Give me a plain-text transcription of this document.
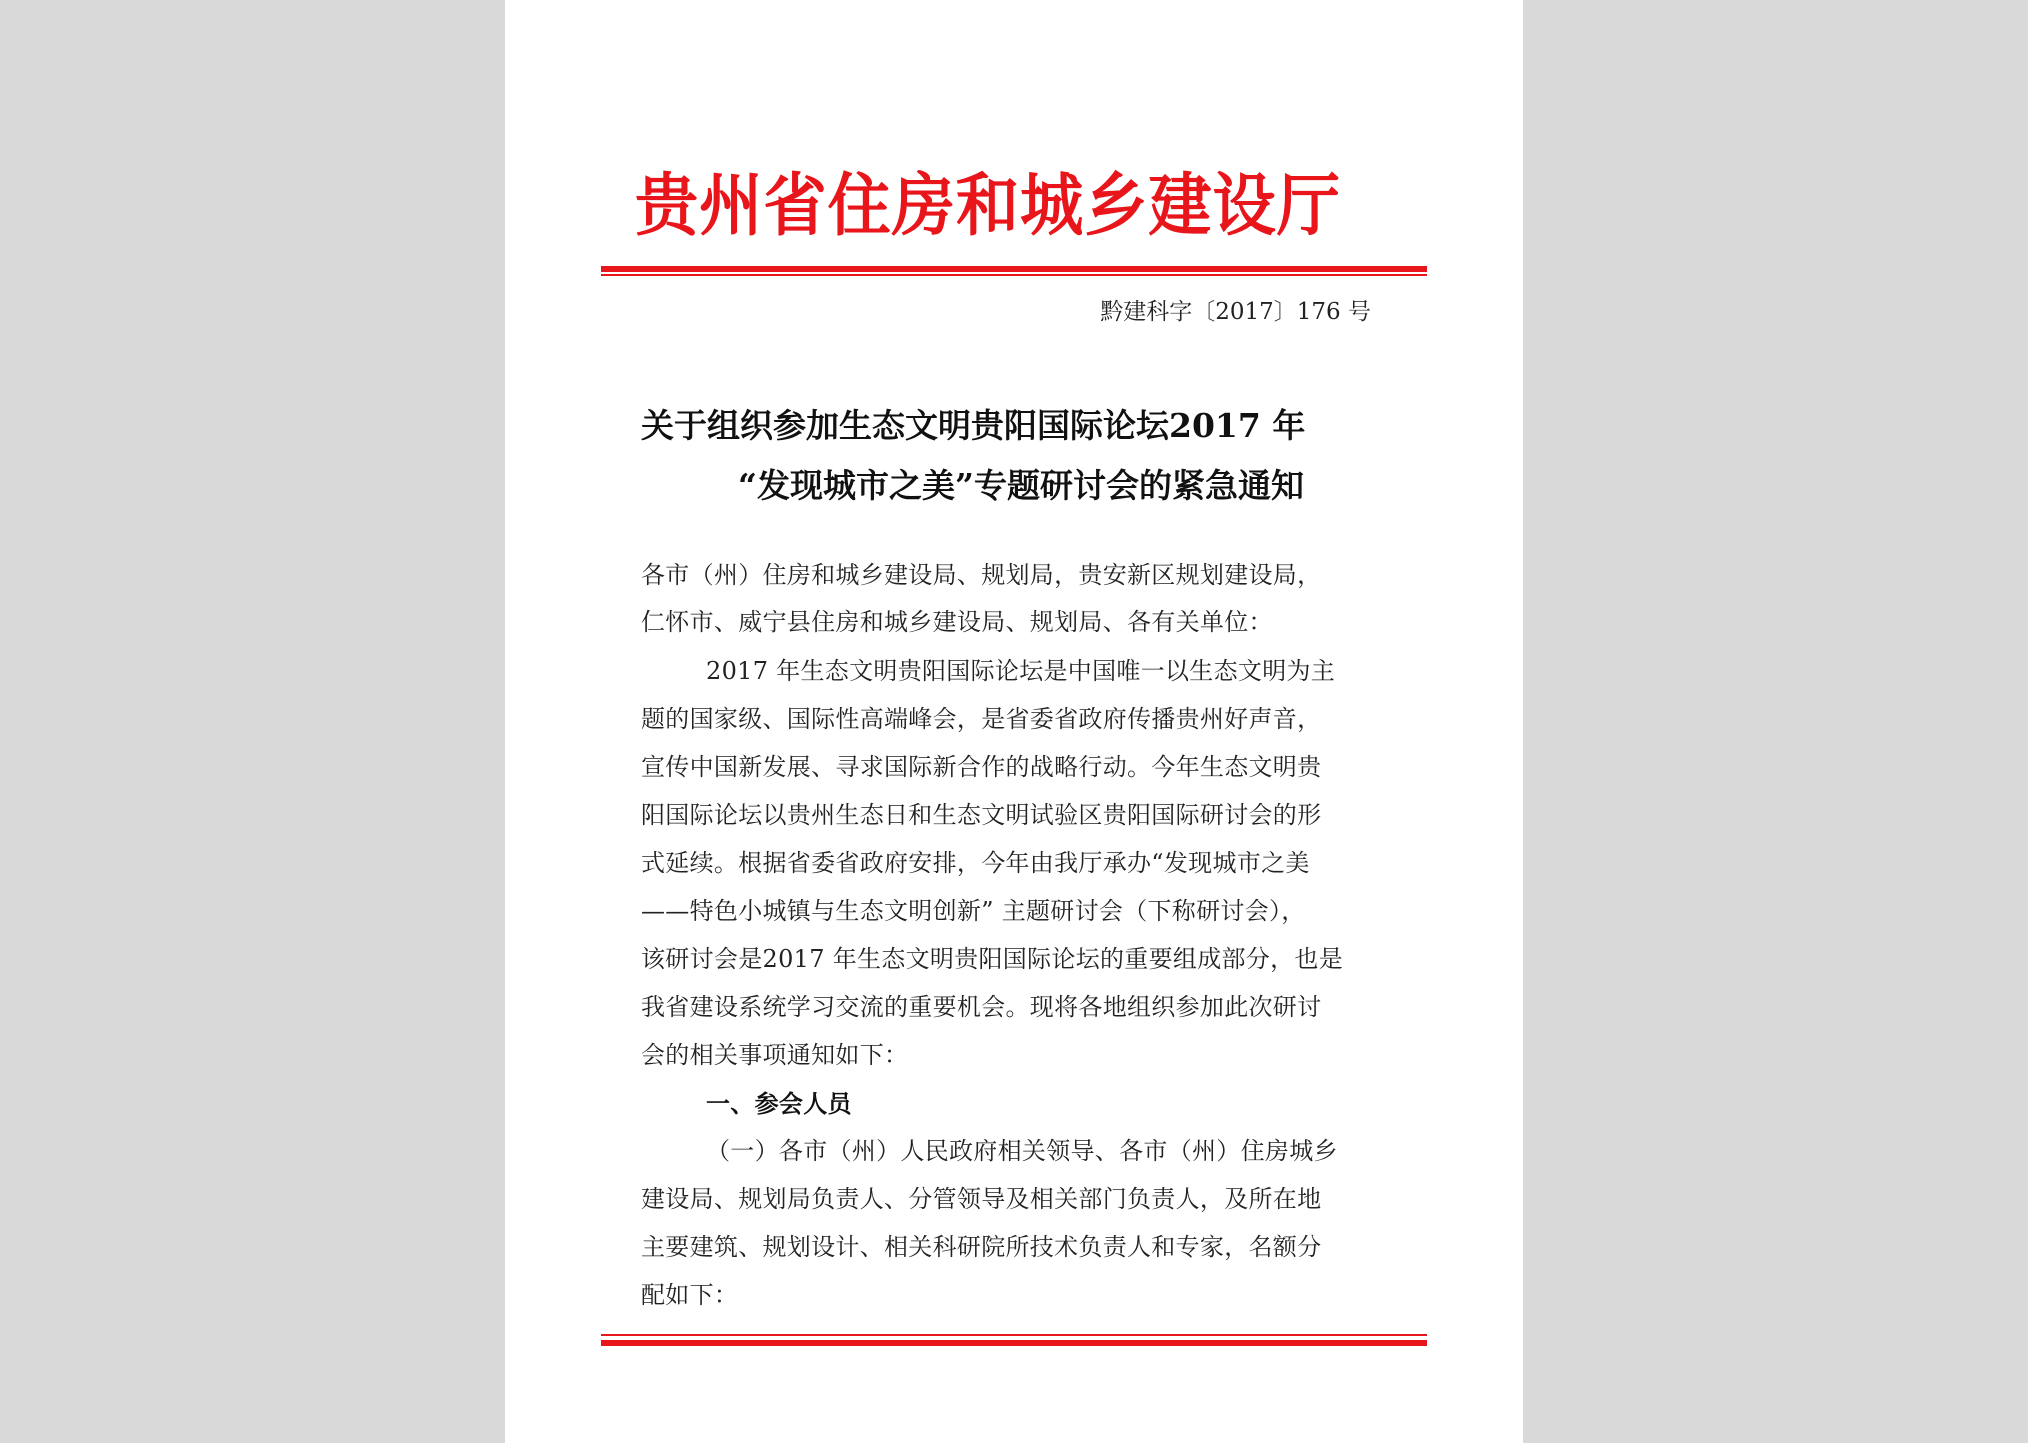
贵州省住房和城乡建设厅
黔建科字〔2017〕176 号
关于组织参加生态文明贵阳国际论坛2017 年
“发现城市之美”专题研讨会的紧急通知
各市（州）住房和城乡建设局、规划局，贵安新区规划建设局，
仁怀市、威宁县住房和城乡建设局、规划局、各有关单位：
2017 年生态文明贵阳国际论坛是中国唯一以生态文明为主
题的国家级、国际性高端峰会，是省委省政府传播贵州好声音，
宣传中国新发展、寻求国际新合作的战略行动。今年生态文明贵
阳国际论坛以贵州生态日和生态文明试验区贵阳国际研讨会的形
式延续。根据省委省政府安排，今年由我厅承办“发现城市之美
——特色小城镇与生态文明创新” 主题研讨会（下称研讨会），
该研讨会是2017 年生态文明贵阳国际论坛的重要组成部分，也是
我省建设系统学习交流的重要机会。现将各地组织参加此次研讨
会的相关事项通知如下：
一、参会人员
（一）各市（州）人民政府相关领导、各市（州）住房城乡
建设局、规划局负责人、分管领导及相关部门负责人，及所在地
主要建筑、规划设计、相关科研院所技术负责人和专家，名额分
配如下：
